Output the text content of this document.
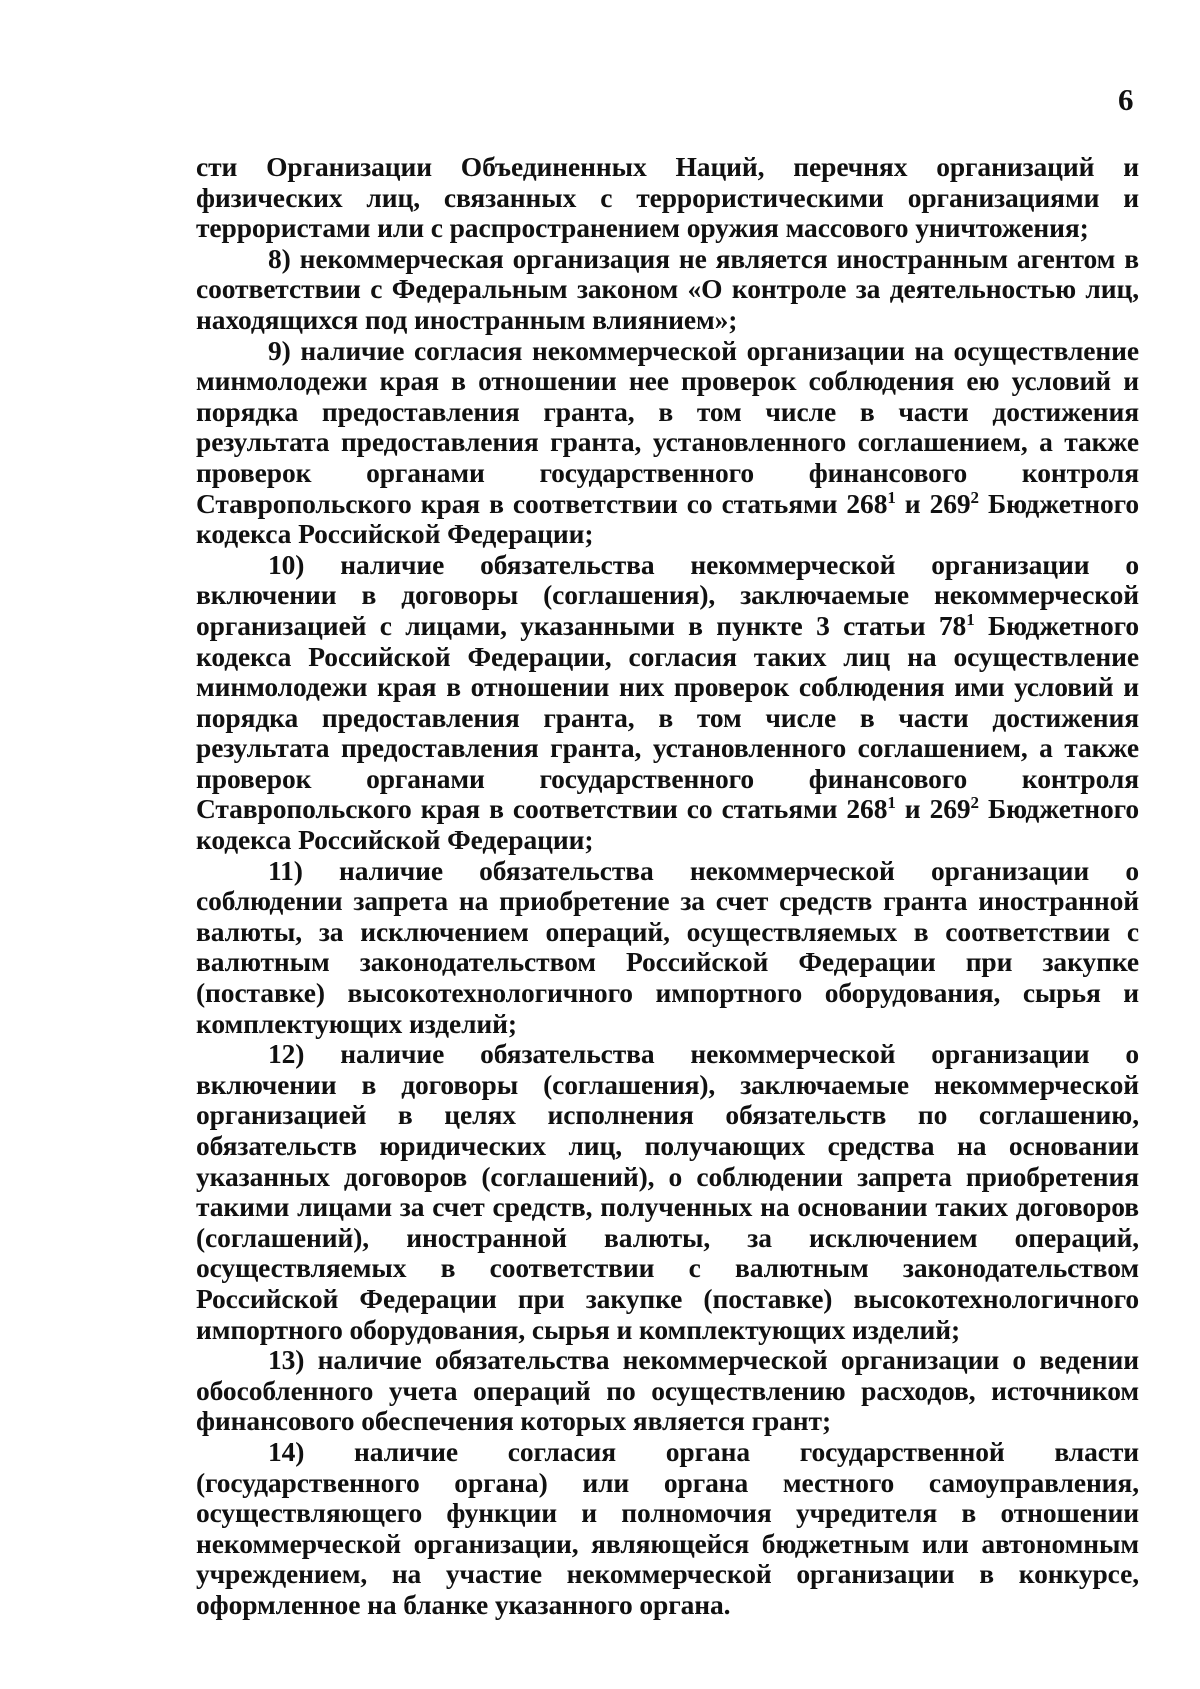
6

сти Организации Объединенных Наций, перечнях организаций и физических лиц, связанных с террористическими организациями и террористами или с распространением оружия массового уничтожения;

8) некоммерческая организация не является иностранным агентом в соответствии с Федеральным законом «О контроле за деятельностью лиц, находящихся под иностранным влиянием»;

9) наличие согласия некоммерческой организации на осуществление минмолодежи края в отношении нее проверок соблюдения ею условий и порядка предоставления гранта, в том числе в части достижения результата предоставления гранта, установленного соглашением, а также проверок органами государственного финансового контроля Ставропольского края в соответствии со статьями $268^1$ и $269^2$ Бюджетного кодекса Российской Федерации;

10) наличие обязательства некоммерческой организации о включении в договоры (соглашения), заключаемые некоммерческой организацией с лицами, указанными в пункте 3 статьи $78^1$ Бюджетного кодекса Российской Федерации, согласия таких лиц на осуществление минмолодежи края в отношении них проверок соблюдения ими условий и порядка предоставления гранта, в том числе в части достижения результата предоставления гранта, установленного соглашением, а также проверок органами государственного финансового контроля Ставропольского края в соответствии со статьями $268^1$ и $269^2$ Бюджетного кодекса Российской Федерации;

11) наличие обязательства некоммерческой организации о соблюдении запрета на приобретение за счет средств гранта иностранной валюты, за исключением операций, осуществляемых в соответствии с валютным законодательством Российской Федерации при закупке (поставке) высокотехнологичного импортного оборудования, сырья и комплектующих изделий;

12) наличие обязательства некоммерческой организации о включении в договоры (соглашения), заключаемые некоммерческой организацией в целях исполнения обязательств по соглашению, обязательств юридических лиц, получающих средства на основании указанных договоров (соглашений), о соблюдении запрета приобретения такими лицами за счет средств, полученных на основании таких договоров (соглашений), иностранной валюты, за исключением операций, осуществляемых в соответствии с валютным законодательством Российской Федерации при закупке (поставке) высокотехнологичного импортного оборудования, сырья и комплектующих изделий;

13) наличие обязательства некоммерческой организации о ведении обособленного учета операций по осуществлению расходов, источником финансового обеспечения которых является грант;

14) наличие согласия органа государственной власти (государственного органа) или органа местного самоуправления, осуществляющего функции и полномочия учредителя в отношении некоммерческой организации, являющейся бюджетным или автономным учреждением, на участие некоммерческой организации в конкурсе, оформленное на бланке указанного органа.
